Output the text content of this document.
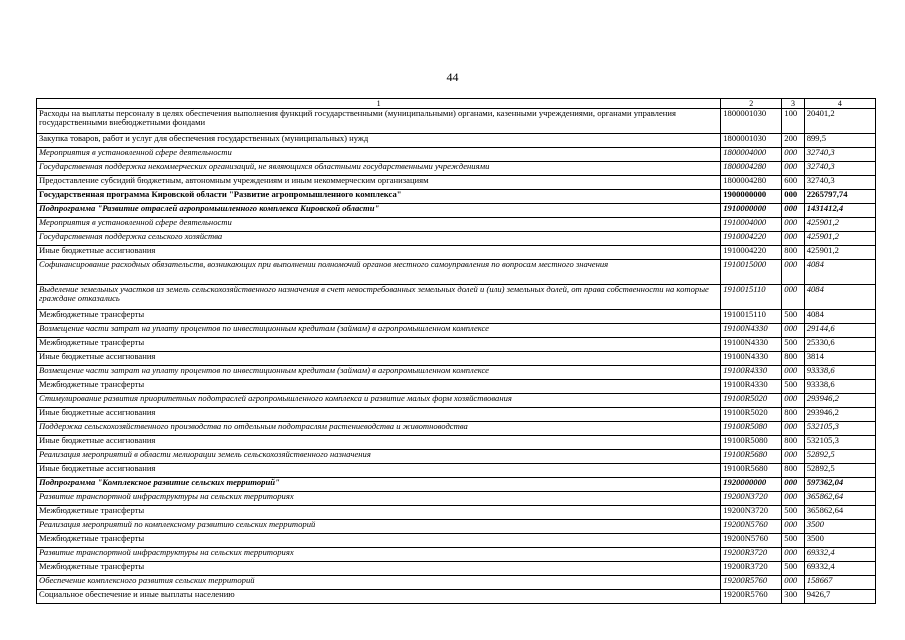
44
1	2	3	4
Расходы на выплаты персоналу в целях обеспечения выполнения функций государственными (муниципальными) органами, казенными учреждениями, органами управления государственными внебюджетными фондами	1800001030	100	20401,2
Закупка товаров, работ и услуг для обеспечения государственных (муниципальных) нужд	1800001030	200	899,5
Мероприятия в установленной сфере деятельности	1800004000	000	32740,3
Государственная поддержка некоммерческих организаций, не являющихся областными государственными учреждениями	1800004280	000	32740,3
Предоставление субсидий бюджетным, автономным учреждениям и иным некоммерческим организациям	1800004280	600	32740,3
Государственная программа Кировской области "Развитие агропромышленного комплекса"	1900000000	000	2265797,74
Подпрограмма "Развитие отраслей агропромышленного комплекса Кировской области"	1910000000	000	1431412,4
Мероприятия в установленной сфере деятельности	1910004000	000	425901,2
Государственная поддержка сельского хозяйства	1910004220	000	425901,2
Иные бюджетные ассигнования	1910004220	800	425901,2
Софинансирование расходных обязательств, возникающих при выполнении полномочий органов местного самоуправления по вопросам местного значения	1910015000	000	4084
Выделение земельных участков из земель сельскохозяйственного назначения в счет невостребованных земельных долей и (или) земельных долей, от права собственности на которые граждане отказались	1910015110	000	4084
Межбюджетные трансферты	1910015110	500	4084
Возмещение части затрат на уплату процентов по инвестиционным кредитам (займам) в агропромышленном комплексе	19100N4330	000	29144,6
Межбюджетные трансферты	19100N4330	500	25330,6
Иные бюджетные ассигнования	19100N4330	800	3814
Возмещение части затрат на уплату процентов по инвестиционным кредитам (займам) в агропромышленном комплексе	19100R4330	000	93338,6
Межбюджетные трансферты	19100R4330	500	93338,6
Стимулирование развития приоритетных подотраслей агропромышленного комплекса и развитие малых форм хозяйствования	19100R5020	000	293946,2
Иные бюджетные ассигнования	19100R5020	800	293946,2
Поддержка сельскохозяйственного производства по отдельным подотраслям растениеводства и животноводства	19100R5080	000	532105,3
Иные бюджетные ассигнования	19100R5080	800	532105,3
Реализация мероприятий в области мелиорации земель сельскохозяйственного назначения	19100R5680	000	52892,5
Иные бюджетные ассигнования	19100R5680	800	52892,5
Подпрограмма "Комплексное развитие сельских территорий"	1920000000	000	597362,04
Развитие транспортной инфраструктуры на сельских территориях	19200N3720	000	365862,64
Межбюджетные трансферты	19200N3720	500	365862,64
Реализация мероприятий по комплексному развитию сельских территорий	19200N5760	000	3500
Межбюджетные трансферты	19200N5760	500	3500
Развитие транспортной инфраструктуры на сельских территориях	19200R3720	000	69332,4
Межбюджетные трансферты	19200R3720	500	69332,4
Обеспечение комплексного развития сельских территорий	19200R5760	000	158667
Социальное обеспечение и иные выплаты населению	19200R5760	300	9426,7
